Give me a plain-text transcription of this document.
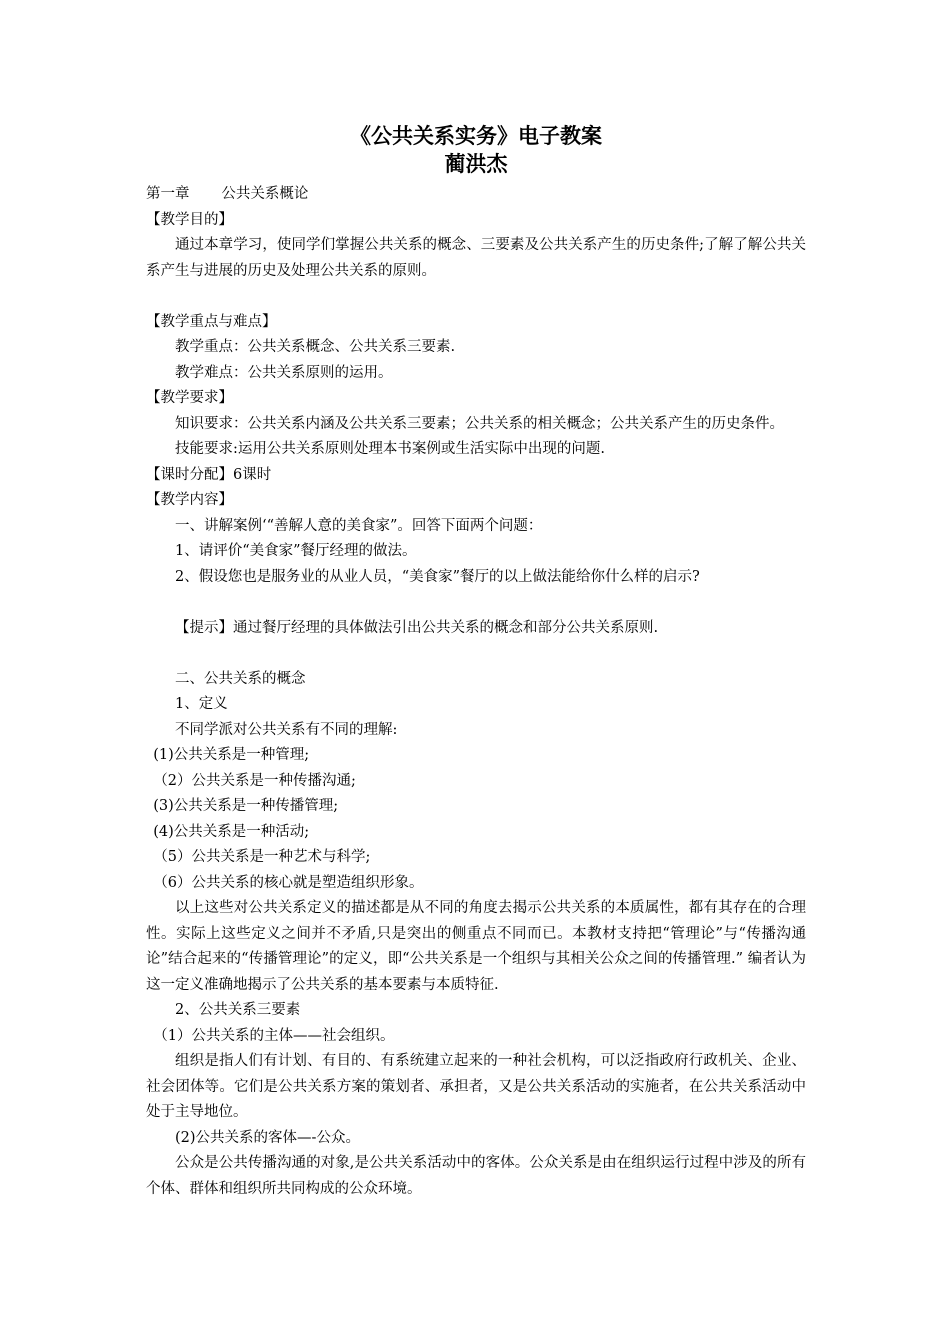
《公共关系实务》电子教案
蔺洪杰

第一章 公共关系概论

【教学目的】

通过本章学习，使同学们掌握公共关系的概念、三要素及公共关系产生的历史条件;了解了解公共关系产生与进展的历史及处理公共关系的原则。

【教学重点与难点】

教学重点：公共关系概念、公共关系三要素.

教学难点：公共关系原则的运用。

【教学要求】

知识要求：公共关系内涵及公共关系三要素；公共关系的相关概念；公共关系产生的历史条件。

技能要求:运用公共关系原则处理本书案例或生活实际中出现的问题.

【课时分配】6课时

【教学内容】

一、讲解案例‘“善解人意的美食家”。回答下面两个问题：

1、请评价“美食家”餐厅经理的做法。

2、假设您也是服务业的从业人员，“美食家”餐厅的以上做法能给你什么样的启示?

【提示】通过餐厅经理的具体做法引出公共关系的概念和部分公共关系原则.

二、公共关系的概念

1、定义

不同学派对公共关系有不同的理解:

(1)公共关系是一种管理;

（2）公共关系是一种传播沟通;

(3)公共关系是一种传播管理;

(4)公共关系是一种活动;

（5）公共关系是一种艺术与科学;

（6）公共关系的核心就是塑造组织形象。

以上这些对公共关系定义的描述都是从不同的角度去揭示公共关系的本质属性，都有其存在的合理性。实际上这些定义之间并不矛盾,只是突出的侧重点不同而已。本教材支持把“管理论”与“传播沟通论”结合起来的“传播管理论”的定义，即“公共关系是一个组织与其相关公众之间的传播管理.” 编者认为这一定义准确地揭示了公共关系的基本要素与本质特征.

2、公共关系三要素

（1）公共关系的主体——社会组织。

组织是指人们有计划、有目的、有系统建立起来的一种社会机构，可以泛指政府行政机关、企业、社会团体等。它们是公共关系方案的策划者、承担者，又是公共关系活动的实施者，在公共关系活动中处于主导地位。

(2)公共关系的客体—-公众。

公众是公共传播沟通的对象,是公共关系活动中的客体。公众关系是由在组织运行过程中涉及的所有个体、群体和组织所共同构成的公众环境。
